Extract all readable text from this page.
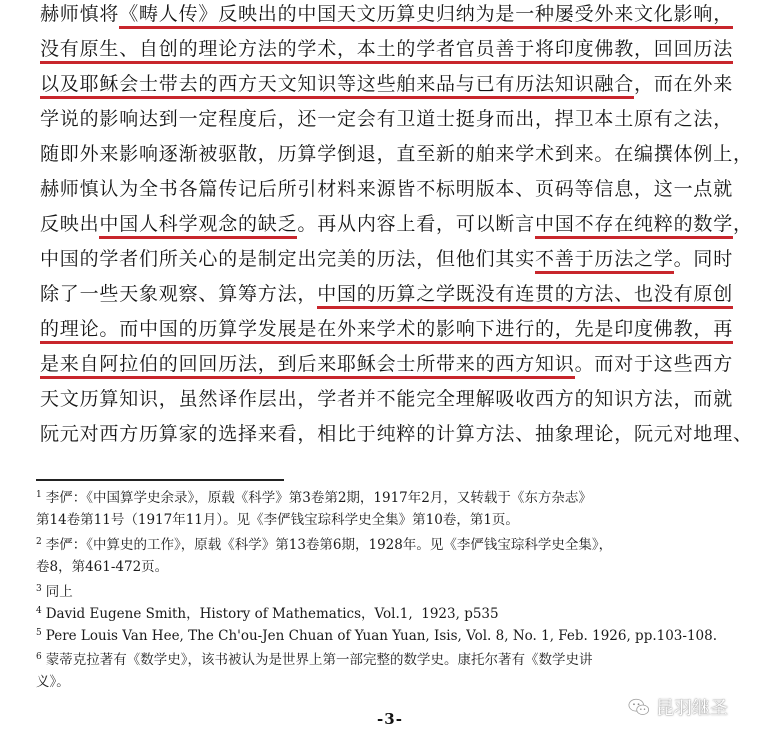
赫师慎将《畴人传》反映出的中国天文历算史归纳为是一种屡受外来文化影响，
没有原生、自创的理论方法的学术，本土的学者官员善于将印度佛教，回回历法
以及耶稣会士带去的西方天文知识等这些舶来品与已有历法知识融合，而在外来
学说的影响达到一定程度后，还一定会有卫道士挺身而出，捍卫本土原有之法，
随即外来影响逐渐被驱散，历算学倒退，直至新的舶来学术到来。在编撰体例上，
赫师慎认为全书各篇传记后所引材料来源皆不标明版本、页码等信息，这一点就
反映出中国人科学观念的缺乏。再从内容上看，可以断言中国不存在纯粹的数学，
中国的学者们所关心的是制定出完美的历法，但他们其实不善于历法之学。同时
除了一些天象观察、算筹方法，中国的历算之学既没有连贯的方法、也没有原创
的理论。而中国的历算学发展是在外来学术的影响下进行的，先是印度佛教，再
是来自阿拉伯的回回历法，到后来耶稣会士所带来的西方知识。而对于这些西方
天文历算知识，虽然译作层出，学者并不能完全理解吸收西方的知识方法，而就
阮元对西方历算家的选择来看，相比于纯粹的计算方法、抽象理论，阮元对地理、
$^1$ 李俨：《中国算学史余录》，原载《科学》第3卷第2期，1917年2月，又转载于《东方杂志》
第14卷第11号（1917年11月）。见《李俨钱宝琮科学史全集》第10卷，第1页。
$^2$ 李俨：《中算史的工作》，原载《科学》第13卷第6期，1928年。见《李俨钱宝琮科学史全集》，
卷8，第461-472页。
$^3$ 同上
$^4$ David Eugene Smith，History of Mathematics，Vol.1,  1923, p535
$^5$ Pere Louis Van Hee, The Ch'ou-Jen Chuan of Yuan Yuan, Isis, Vol. 8, No. 1, Feb. 1926, pp.103-108.
$^6$ 蒙蒂克拉著有《数学史》，该书被认为是世界上第一部完整的数学史。康托尔著有《数学史讲
义》。
-3-	昆羽继圣
